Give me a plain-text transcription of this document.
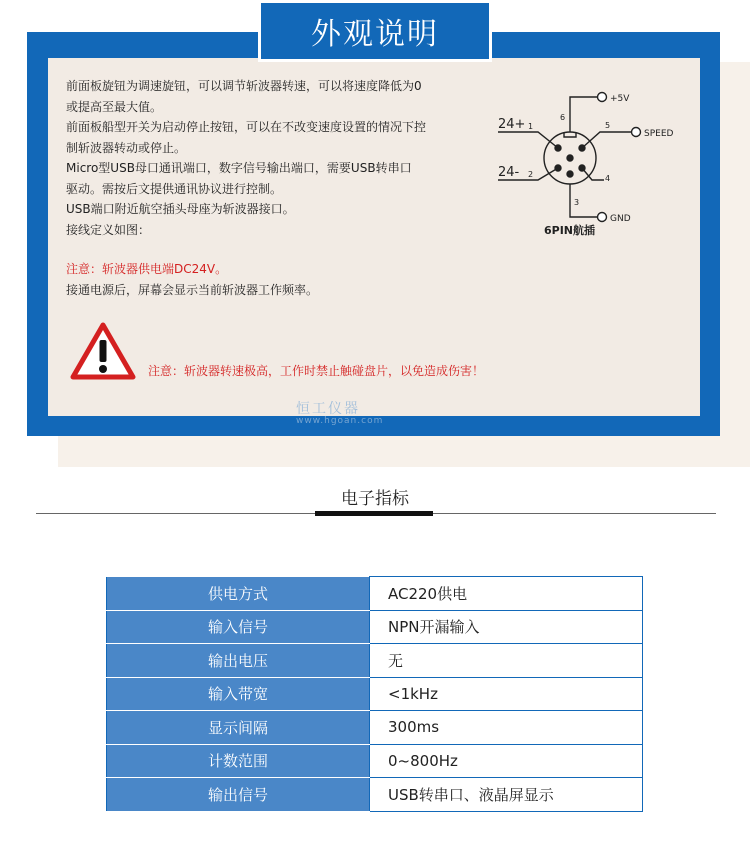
外观说明

前面板旋钮为调速旋钮，可以调节斩波器转速，可以将速度降低为0

或提高至最大值。

前面板船型开关为启动停止按钮，可以在不改变速度设置的情况下控

制斩波器转动或停止。

Micro型USB母口通讯端口，数字信号输出端口，需要USB转串口

驱动。需按后文提供通讯协议进行控制。

USB端口附近航空插头母座为斩波器接口。

接线定义如图：

注意：斩波器供电端DC24V。
接通电源后，屏幕会显示当前斩波器工作频率。
注意：斩波器转速极高，工作时禁止触碰盘片，以免造成伤害！
恒工仪器
www.hgoan.com
+5V
SPEED
GND
24+
24-
1
2
3
4
5
6
6PIN航插
电子指标
供电方式	AC220供电
输入信号	NPN开漏输入
输出电压	无
输入带宽	<1kHz
显示间隔	300ms
计数范围	0~800Hz
输出信号	USB转串口、液晶屏显示
